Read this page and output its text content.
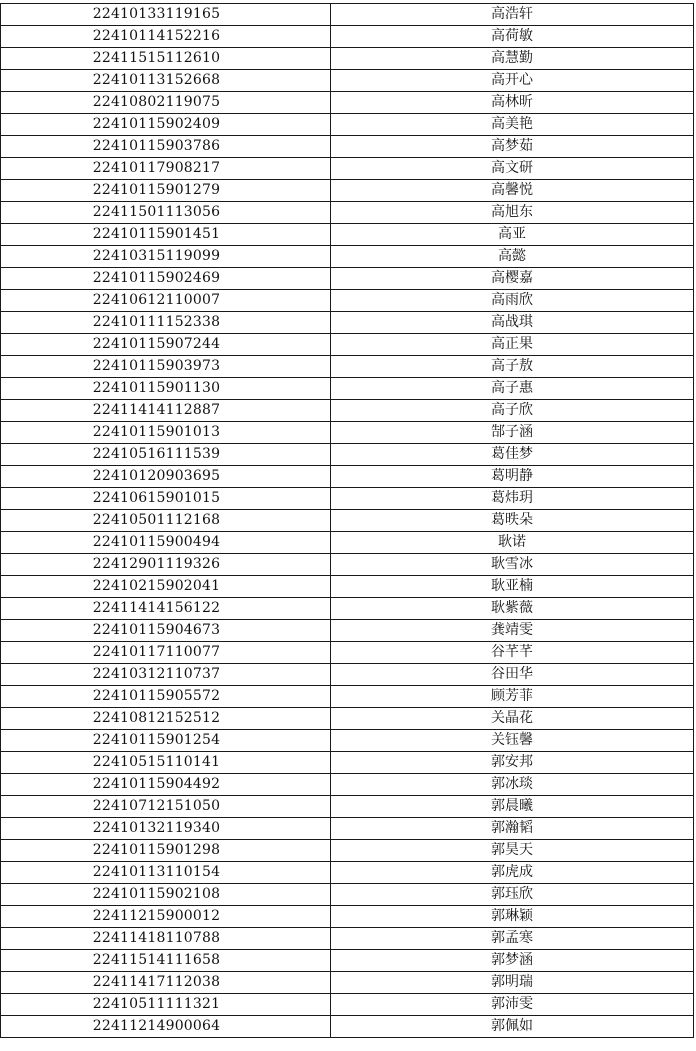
22410133119165	高浩轩
22410114152216	高荷敏
22411515112610	高慧勤
22410113152668	高开心
22410802119075	高林昕
22410115902409	高美艳
22410115903786	高梦茹
22410117908217	高文研
22410115901279	高馨悦
22411501113056	高旭东
22410115901451	高亚
22410315119099	高懿
22410115902469	高樱嘉
22410612110007	高雨欣
22410111152338	高战琪
22410115907244	高正果
22410115903973	高子敖
22410115901130	高子惠
22411414112887	高子欣
22410115901013	郜子涵
22410516111539	葛佳梦
22410120903695	葛明静
22410615901015	葛炜玥
22410501112168	葛昳朵
22410115900494	耿诺
22412901119326	耿雪冰
22410215902041	耿亚楠
22411414156122	耿紫薇
22410115904673	龚靖雯
22410117110077	谷芊芊
22410312110737	谷田华
22410115905572	顾芳菲
22410812152512	关晶花
22410115901254	关钰馨
22410515110141	郭安邦
22410115904492	郭冰琰
22410712151050	郭晨曦
22410132119340	郭瀚韬
22410115901298	郭昊天
22410113110154	郭虎成
22410115902108	郭珏欣
22411215900012	郭琳颖
22411418110788	郭孟寒
22411514111658	郭梦涵
22411417112038	郭明瑞
22410511111321	郭沛雯
22411214900064	郭佩如
